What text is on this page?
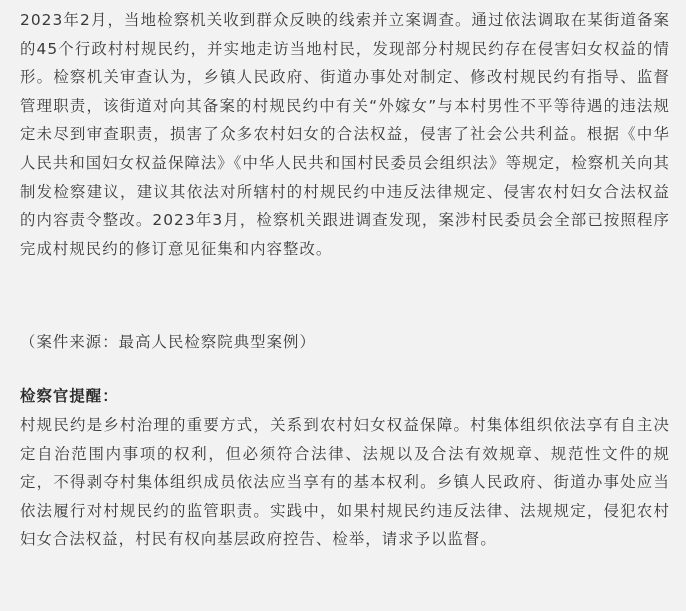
2023年2月，当地检察机关收到群众反映的线索并立案调查。通过依法调取在某街道备案的45个行政村村规民约，并实地走访当地村民，发现部分村规民约存在侵害妇女权益的情形。检察机关审查认为，乡镇人民政府、街道办事处对制定、修改村规民约有指导、监督管理职责，该街道对向其备案的村规民约中有关“外嫁女”与本村男性不平等待遇的违法规定未尽到审查职责，损害了众多农村妇女的合法权益，侵害了社会公共利益。根据《中华人民共和国妇女权益保障法》《中华人民共和国村民委员会组织法》等规定，检察机关向其制发检察建议，建议其依法对所辖村的村规民约中违反法律规定、侵害农村妇女合法权益的内容责令整改。2023年3月，检察机关跟进调查发现，案涉村民委员会全部已按照程序完成村规民约的修订意见征集和内容整改。

（案件来源：最高人民检察院典型案例）
检察官提醒：

村规民约是乡村治理的重要方式，关系到农村妇女权益保障。村集体组织依法享有自主决定自治范围内事项的权利，但必须符合法律、法规以及合法有效规章、规范性文件的规定，不得剥夺村集体组织成员依法应当享有的基本权利。乡镇人民政府、街道办事处应当依法履行对村规民约的监管职责。实践中，如果村规民约违反法律、法规规定，侵犯农村妇女合法权益，村民有权向基层政府控告、检举，请求予以监督。
